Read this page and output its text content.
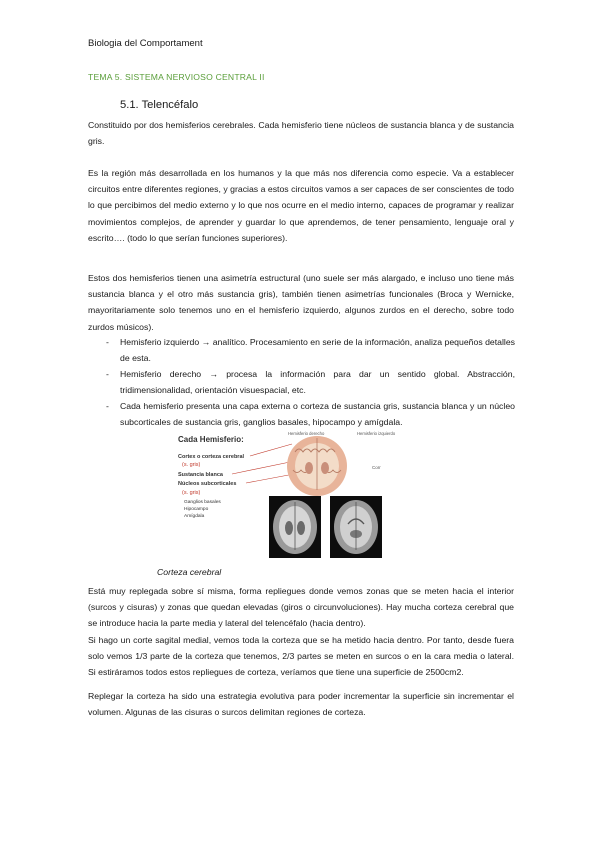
Biologia del Comportament
TEMA 5. SISTEMA NERVIOSO CENTRAL II
5.1. Telencéfalo

Constituido por dos hemisferios cerebrales. Cada hemisferio tiene núcleos de sustancia blanca y de sustancia gris.

Es la región más desarrollada en los humanos y la que más nos diferencia como especie. Va a establecer circuitos entre diferentes regiones, y gracias a estos circuitos vamos a ser capaces de ser conscientes de todo lo que percibimos del medio externo y lo que nos ocurre en el medio interno, capaces de programar y realizar movimientos complejos, de aprender y guardar lo que aprendemos, de tener pensamiento, lenguaje oral y escrito…. (todo lo que serían funciones superiores).

Estos dos hemisferios tienen una asimetría estructural (uno suele ser más alargado, e incluso uno tiene más sustancia blanca y el otro más sustancia gris), también tienen asimetrías funcionales (Broca y Wernicke, mayoritariamente solo tenemos uno en el hemisferio izquierdo, algunos zurdos en el derecho, sobre todo zurdos músicos).

- Hemisferio izquierdo → analítico. Procesamiento en serie de la información, analiza pequeños detalles de esta.
- Hemisferio derecho → procesa la información para dar un sentido global. Abstracción, tridimensionalidad, orientación visuespacial, etc.
- Cada hemisferio presenta una capa externa o corteza de sustancia gris, sustancia blanca y un núcleo subcorticales de sustancia gris, ganglios basales, hipocampo y amígdala.
Cada Hemisferio:
Cortex o corteza cerebral
(s. gris)
Sustancia blanca
Núcleos subcorticales
(s. gris)
Ganglios basales
Hipocampo
Amígdala
Hemisferio derecho	Hemisferio izquierdo
Corr
Corteza cerebral

Está muy replegada sobre sí misma, forma repliegues donde vemos zonas que se meten hacia el interior (surcos y cisuras) y zonas que quedan elevadas (giros o circunvoluciones). Hay mucha corteza cerebral que se introduce hacia la parte media y lateral del telencéfalo (hacia dentro).

Si hago un corte sagital medial, vemos toda la corteza que se ha metido hacia dentro. Por tanto, desde fuera solo vemos 1/3 parte de la corteza que tenemos, 2/3 partes se meten en surcos o en la cara media o lateral. Si estiráramos todos estos repliegues de corteza, veríamos que tiene una superficie de 2500cm2.

Replegar la corteza ha sido una estrategia evolutiva para poder incrementar la superficie sin incrementar el volumen. Algunas de las cisuras o surcos delimitan regiones de corteza.
